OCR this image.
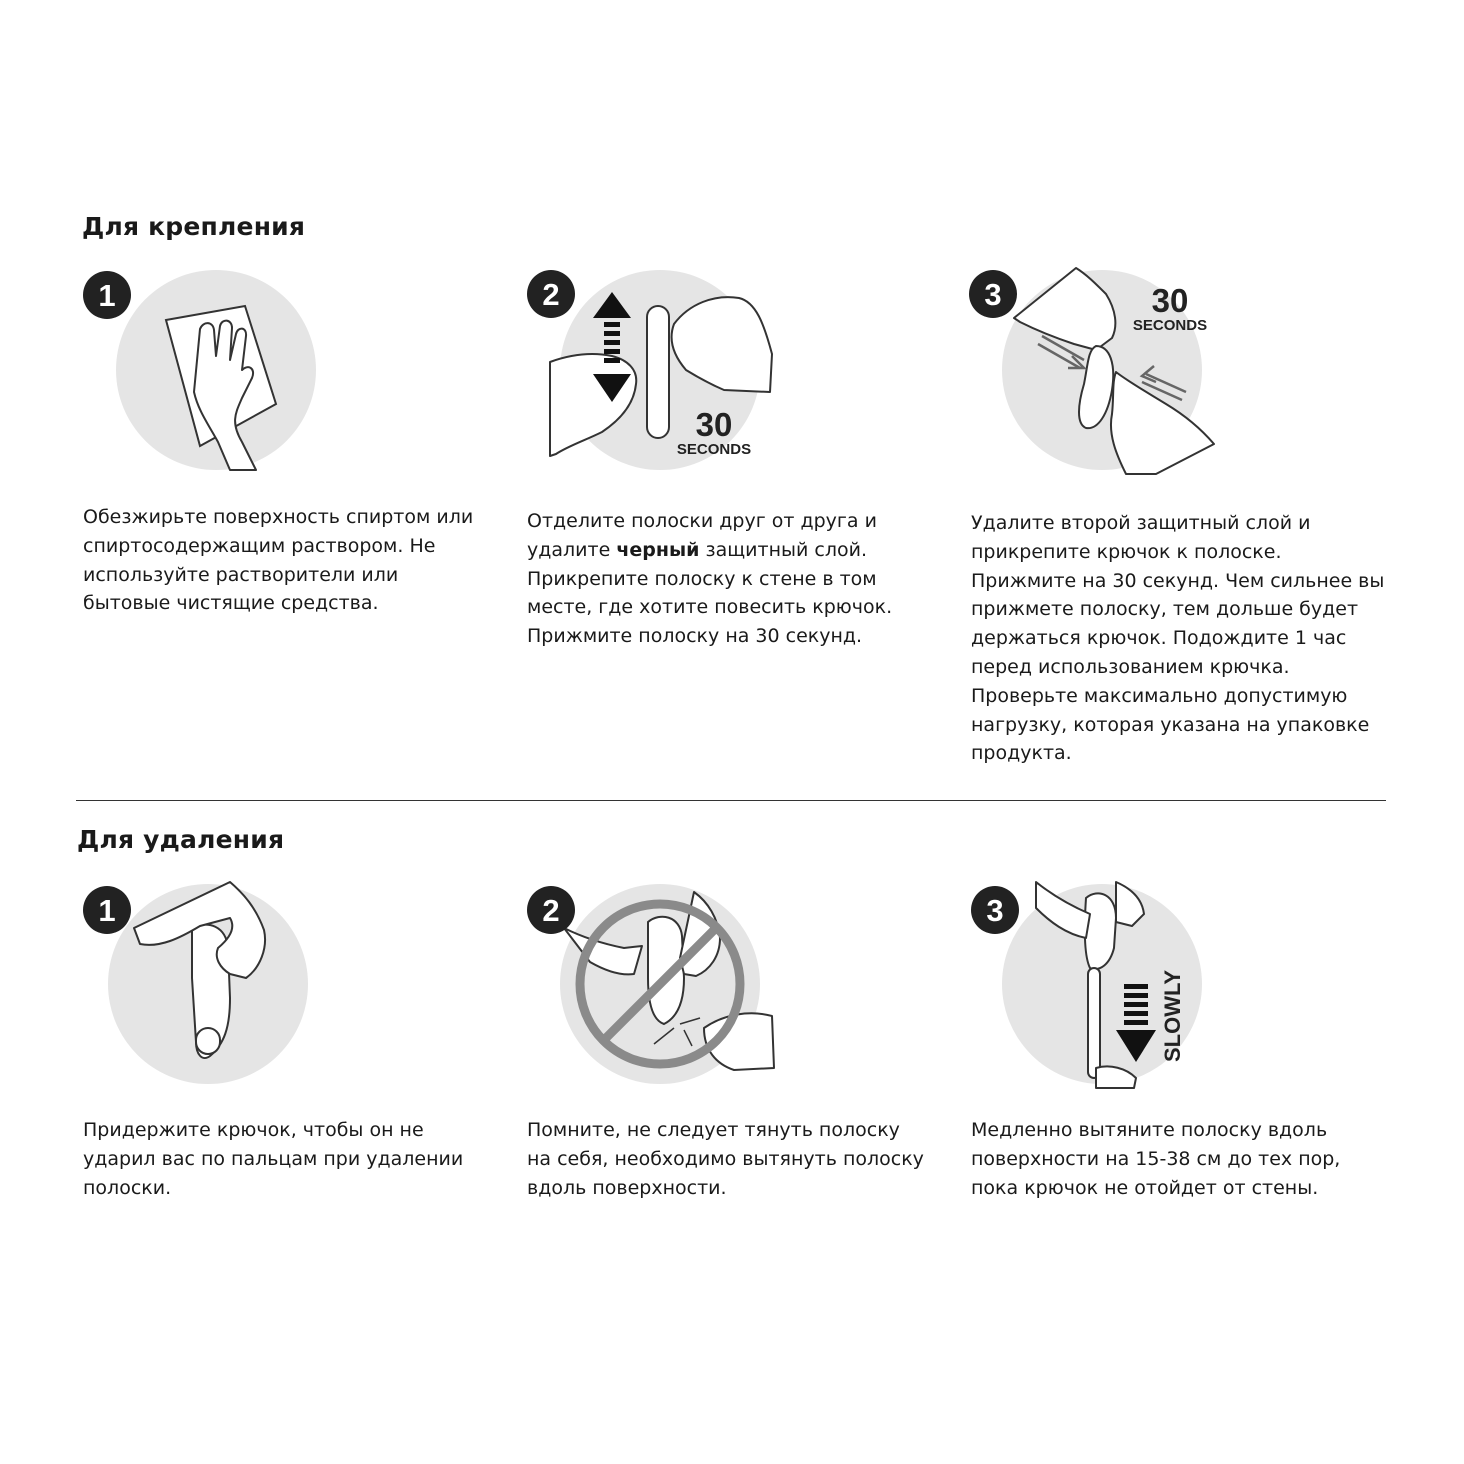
Для крепления
1

Обезжирьте поверхность спиртом или спиртосодержащим раствором. Не используйте растворители или бытовые чистящие средства.

30
SECONDS
2

Отделите полоски друг от друга и удалите черный защитный слой. Прикрепите полоску к стене в том месте, где хотите повесить крючок. Прижмите полоску на 30 секунд.

30
SECONDS
3

Удалите второй защитный слой и прикрепите крючок к полоске. Прижмите на 30 секунд. Чем сильнее вы прижмете полоску, тем дольше будет держаться крючок. Подождите 1 час перед использованием крючка. Проверьте максимально допустимую нагрузку, которая указана на упаковке продукта.

Для удаления
1

Придержите крючок, чтобы он не ударил вас по пальцам при удалении полоски.

2

Помните, не следует тянуть полоску на себя, необходимо вытянуть полоску вдоль поверхности.

SLOWLY
3

Медленно вытяните полоску вдоль поверхности на 15-38 см до тех пор, пока крючок не отойдет от стены.
